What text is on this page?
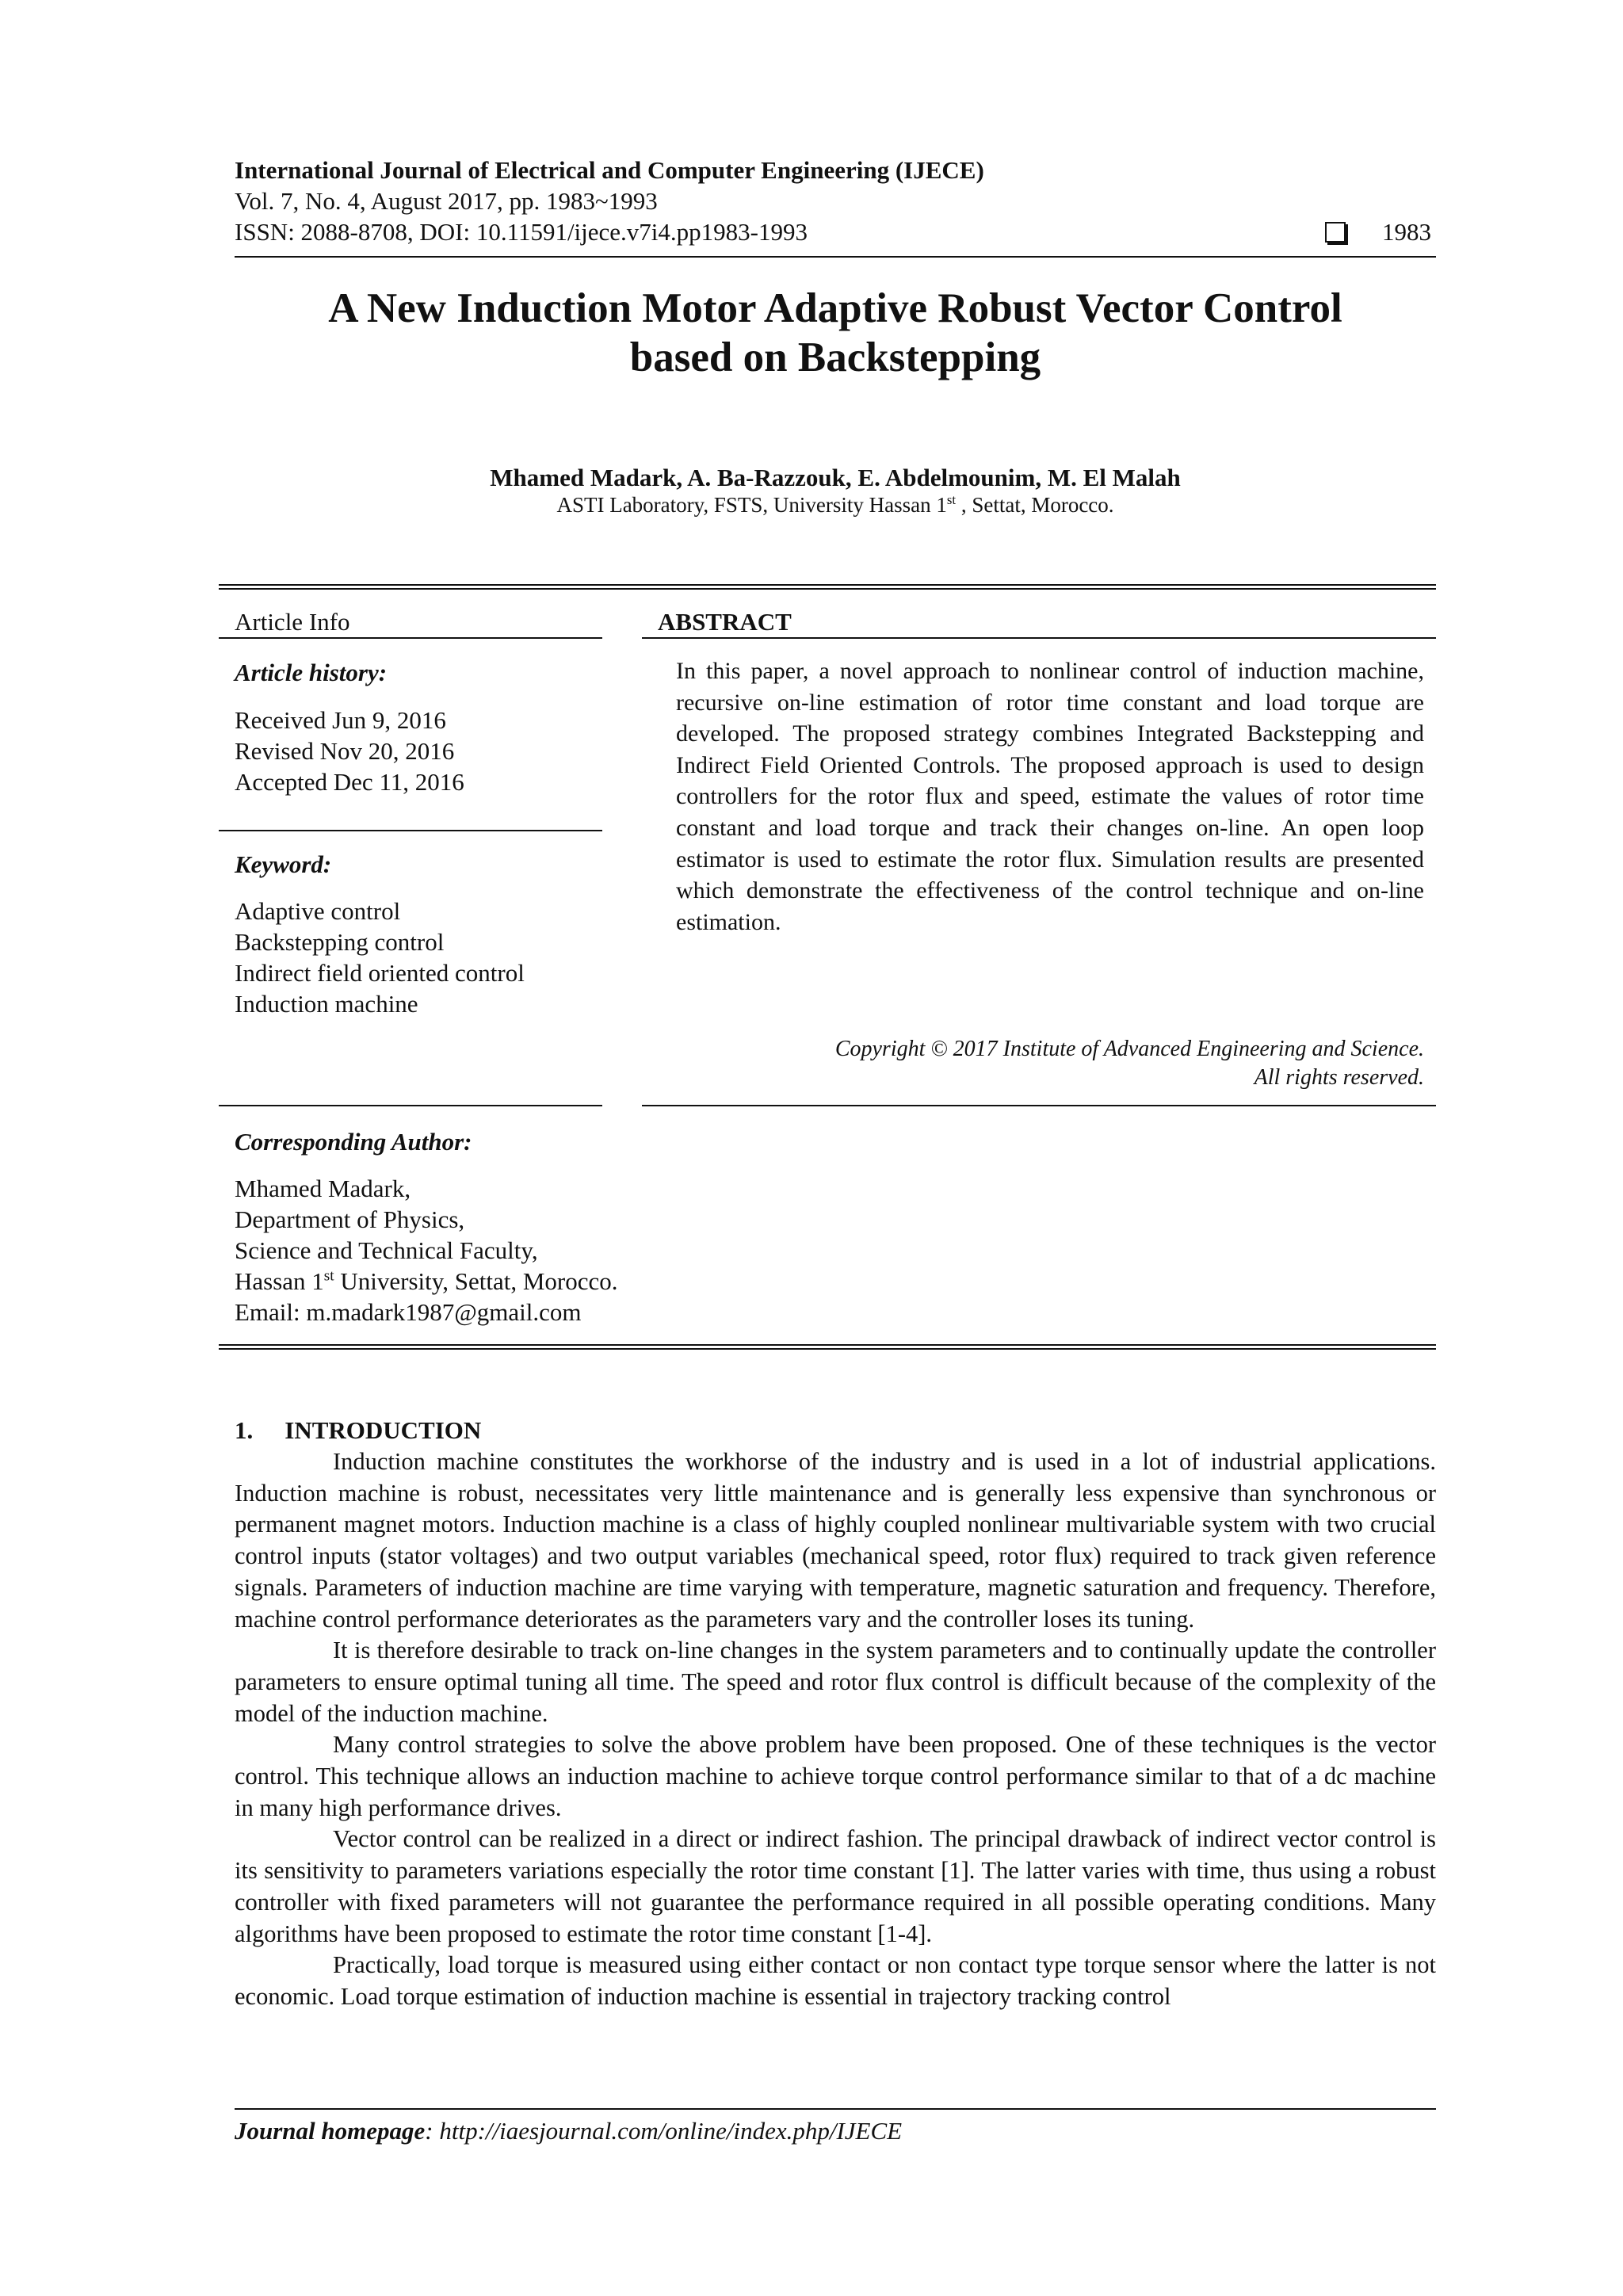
International Journal of Electrical and Computer Engineering (IJECE)
Vol. 7, No. 4, August 2017, pp. 1983~1993
ISSN: 2088-8708, DOI: 10.11591/ijece.v7i4.pp1983-1993	1983
A New Induction Motor Adaptive Robust Vector Control
based on Backstepping
Mhamed Madark, A. Ba-Razzouk, E. Abdelmounim, M. El Malah
ASTI Laboratory, FSTS, University Hassan 1st , Settat, Morocco.
Article Info
Article history:
Received Jun 9, 2016
Revised Nov 20, 2016
Accepted Dec 11, 2016
Keyword:
Adaptive control
Backstepping control
Indirect field oriented control
Induction machine
ABSTRACT
In this paper, a novel approach to nonlinear control of induction machine, recursive on-line estimation of rotor time constant and load torque are developed. The proposed strategy combines Integrated Backstepping and Indirect Field Oriented Controls. The proposed approach is used to design controllers for the rotor flux and speed, estimate the values of rotor time constant and load torque and track their changes on-line. An open loop estimator is used to estimate the rotor flux. Simulation results are presented which demonstrate the effectiveness of the control technique and on-line estimation.
Copyright © 2017 Institute of Advanced Engineering and Science.
All rights reserved.
Corresponding Author:
Mhamed Madark,
Department of Physics,
Science and Technical Faculty,
Hassan 1st University, Settat, Morocco.
Email: m.madark1987@gmail.com
1. INTRODUCTION

Induction machine constitutes the workhorse of the industry and is used in a lot of industrial applications. Induction machine is robust, necessitates very little maintenance and is generally less expensive than synchronous or permanent magnet motors. Induction machine is a class of highly coupled nonlinear multivariable system with two crucial control inputs (stator voltages) and two output variables (mechanical speed, rotor flux) required to track given reference signals. Parameters of induction machine are time varying with temperature, magnetic saturation and frequency. Therefore, machine control performance deteriorates as the parameters vary and the controller loses its tuning.

It is therefore desirable to track on-line changes in the system parameters and to continually update the controller parameters to ensure optimal tuning all time. The speed and rotor flux control is difficult because of the complexity of the model of the induction machine.

Many control strategies to solve the above problem have been proposed. One of these techniques is the vector control. This technique allows an induction machine to achieve torque control performance similar to that of a dc machine in many high performance drives.

Vector control can be realized in a direct or indirect fashion. The principal drawback of indirect vector control is its sensitivity to parameters variations especially the rotor time constant [1]. The latter varies with time, thus using a robust controller with fixed parameters will not guarantee the performance required in all possible operating conditions. Many algorithms have been proposed to estimate the rotor time constant [1-4].

Practically, load torque is measured using either contact or non contact type torque sensor where the latter is not economic. Load torque estimation of induction machine is essential in trajectory tracking control

Journal homepage: http://iaesjournal.com/online/index.php/IJECE
